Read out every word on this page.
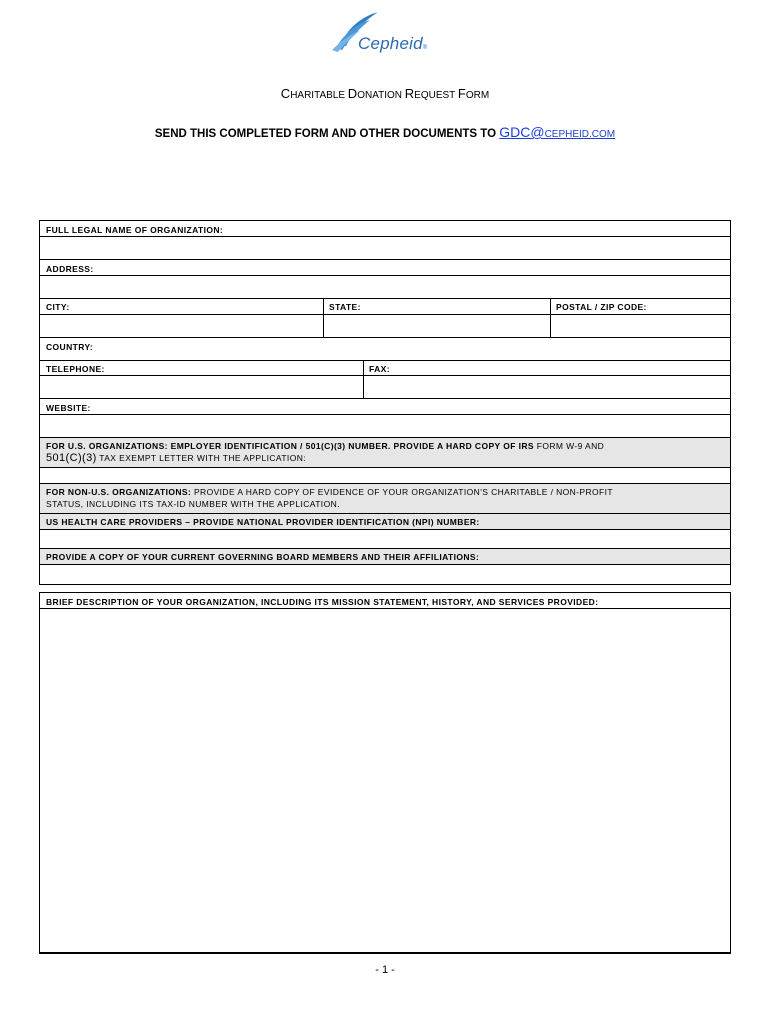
Cepheid®
CHARITABLE DONATION REQUEST FORM
SEND THIS COMPLETED FORM AND OTHER DOCUMENTS TO GDC@CEPHEID.COM
FULL LEGAL NAME OF ORGANIZATION:
ADDRESS:
CITY:	STATE:	POSTAL / ZIP CODE:
COUNTRY:
TELEPHONE:	FAX:
WEBSITE:
FOR U.S. ORGANIZATIONS: EMPLOYER IDENTIFICATION / 501(C)(3) NUMBER. PROVIDE A HARD COPY OF IRS FORM W-9 AND
501(C)(3) TAX EXEMPT LETTER WITH THE APPLICATION:
FOR NON-U.S. ORGANIZATIONS: PROVIDE A HARD COPY OF EVIDENCE OF YOUR ORGANIZATION'S CHARITABLE / NON-PROFIT
STATUS, INCLUDING ITS TAX-ID NUMBER WITH THE APPLICATION.
US HEALTH CARE PROVIDERS – PROVIDE NATIONAL PROVIDER IDENTIFICATION (NPI) NUMBER:
PROVIDE A COPY OF YOUR CURRENT GOVERNING BOARD MEMBERS AND THEIR AFFILIATIONS:
BRIEF DESCRIPTION OF YOUR ORGANIZATION, INCLUDING ITS MISSION STATEMENT, HISTORY, AND SERVICES PROVIDED:
- 1 -
